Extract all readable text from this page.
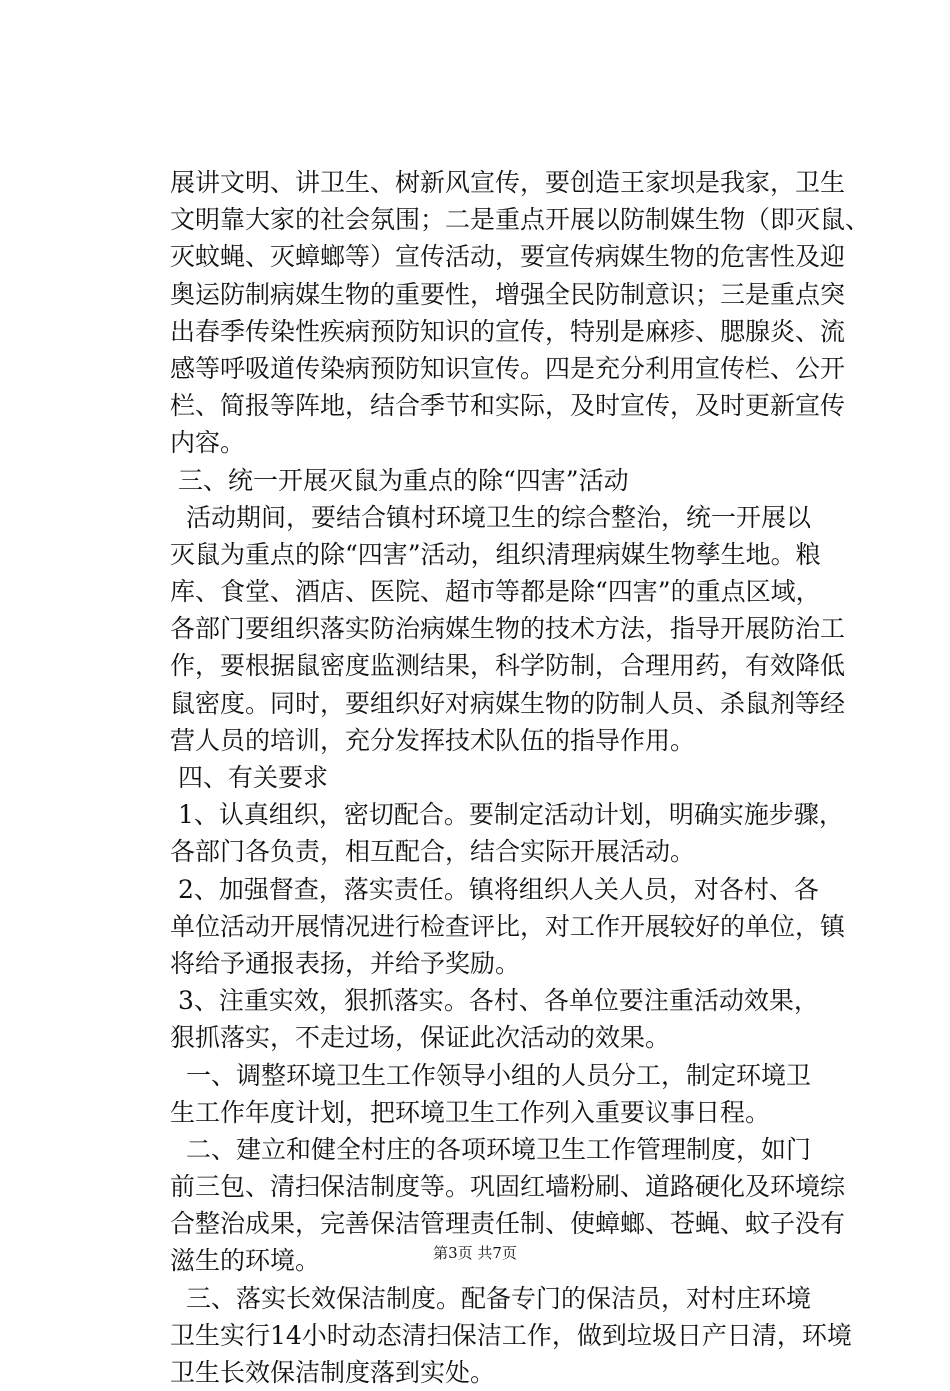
展讲文明、讲卫生、树新风宣传，要创造王家坝是我家，卫生
文明靠大家的社会氛围；二是重点开展以防制媒生物（即灭鼠、
灭蚊蝇、灭蟑螂等）宣传活动，要宣传病媒生物的危害性及迎
奥运防制病媒生物的重要性，增强全民防制意识；三是重点突
出春季传染性疾病预防知识的宣传，特别是麻疹、腮腺炎、流
感等呼吸道传染病预防知识宣传。四是充分利用宣传栏、公开
栏、简报等阵地，结合季节和实际，及时宣传，及时更新宣传
内容。
三、统一开展灭鼠为重点的除“四害”活动
活动期间，要结合镇村环境卫生的综合整治，统一开展以
灭鼠为重点的除“四害”活动，组织清理病媒生物孳生地。粮
库、食堂、酒店、医院、超市等都是除“四害”的重点区域，
各部门要组织落实防治病媒生物的技术方法，指导开展防治工
作，要根据鼠密度监测结果，科学防制，合理用药，有效降低
鼠密度。同时，要组织好对病媒生物的防制人员、杀鼠剂等经
营人员的培训，充分发挥技术队伍的指导作用。
四、有关要求
1、认真组织，密切配合。要制定活动计划，明确实施步骤，
各部门各负责，相互配合，结合实际开展活动。
2、加强督查，落实责任。镇将组织人关人员，对各村、各
单位活动开展情况进行检查评比，对工作开展较好的单位，镇
将给予通报表扬，并给予奖励。
3、注重实效，狠抓落实。各村、各单位要注重活动效果，
狠抓落实，不走过场，保证此次活动的效果。
一、调整环境卫生工作领导小组的人员分工，制定环境卫
生工作年度计划，把环境卫生工作列入重要议事日程。
二、建立和健全村庄的各项环境卫生工作管理制度，如门
前三包、清扫保洁制度等。巩固红墙粉刷、道路硬化及环境综
合整治成果，完善保洁管理责任制、使蟑螂、苍蝇、蚊子没有
滋生的环境。
三、落实长效保洁制度。配备专门的保洁员，对村庄环境
卫生实行14小时动态清扫保洁工作，做到垃圾日产日清，环境
卫生长效保洁制度落到实处。
第3页 共7页
